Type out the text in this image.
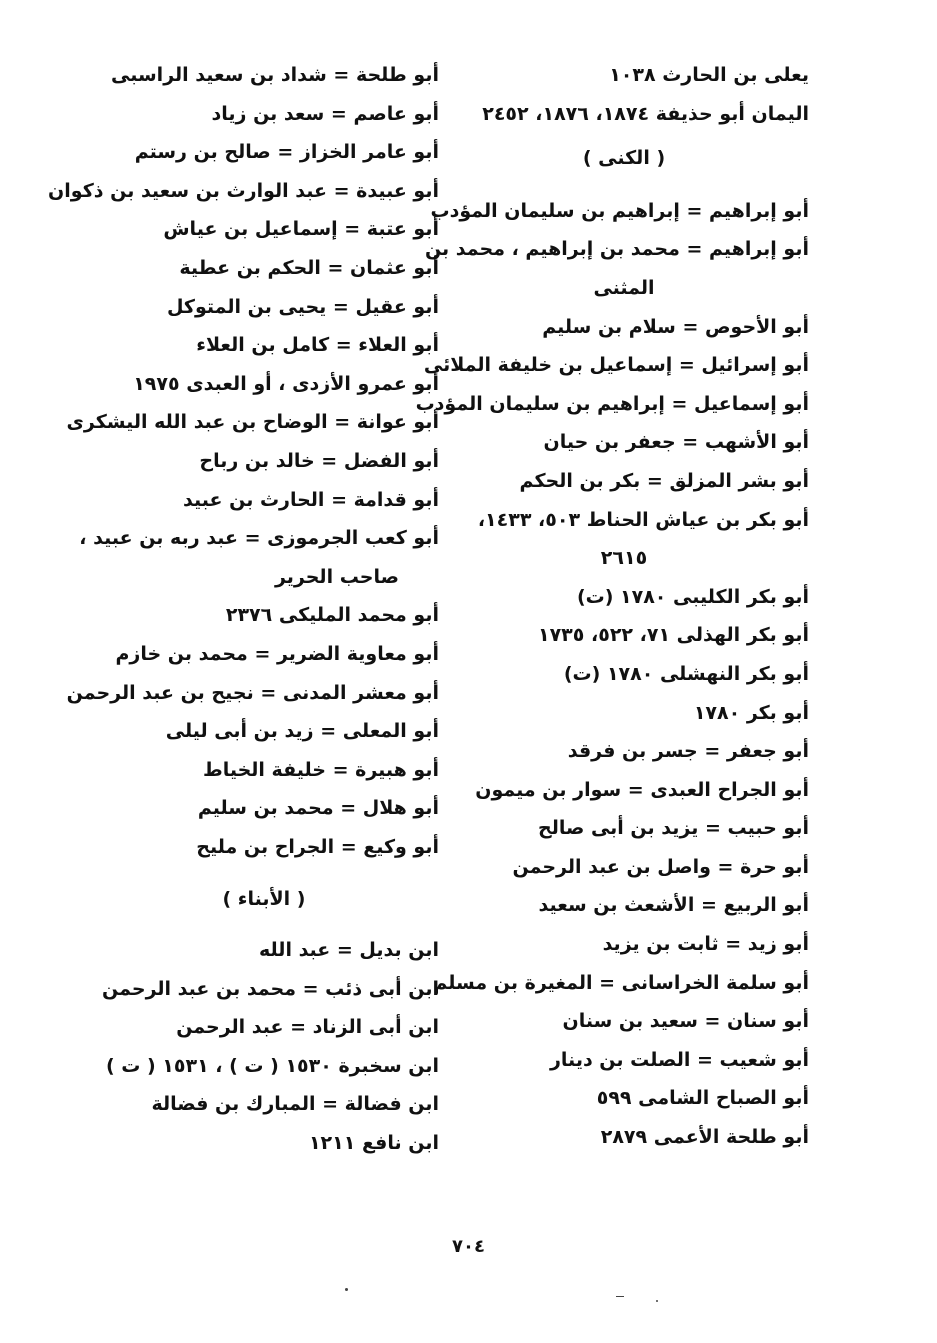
يعلى بن الحارث ١٠٣٨
اليمان أبو حذيفة ١٨٧٤، ١٨٧٦، ٢٤٥٢
( الكنى )
أبو إبراهيم = إبراهيم بن سليمان المؤدب
أبو إبراهيم = محمد بن إبراهيم ، محمد بن
المثنى
أبو الأحوص = سلام بن سليم
أبو إسرائيل = إسماعيل بن خليفة الملائى
أبو إسماعيل = إبراهيم بن سليمان المؤدب
أبو الأشهب = جعفر بن حيان
أبو بشر المزلق = بكر بن الحكم
أبو بكر بن عياش الحناط ٥٠٣، ١٤٣٣،
٢٦١٥
أبو بكر الكليبى ١٧٨٠ (ت)
أبو بكر الهذلى ٧١، ٥٢٢، ١٧٣٥
أبو بكر النهشلى ١٧٨٠ (ت)
أبو بكر ١٧٨٠
أبو جعفر = جسر بن فرقد
أبو الجراح العبدى = سوار بن ميمون
أبو حبيب = يزيد بن أبى صالح
أبو حرة = واصل بن عبد الرحمن
أبو الربيع = الأشعث بن سعيد
أبو زيد = ثابت بن يزيد
أبو سلمة الخراسانى = المغيرة بن مسلم
أبو سنان = سعيد بن سنان
أبو شعيب = الصلت بن دينار
أبو الصباح الشامى ٥٩٩
أبو طلحة الأعمى ٢٨٧٩
أبو طلحة = شداد بن سعيد الراسبى
أبو عاصم = سعد بن زياد
أبو عامر الخزاز = صالح بن رستم
أبو عبيدة = عبد الوارث بن سعيد بن ذكوان
أبو عتبة = إسماعيل بن عياش
أبو عثمان = الحكم بن عطية
أبو عقيل = يحيى بن المتوكل
أبو العلاء = كامل بن العلاء
أبو عمرو الأزدى ، أو العبدى ١٩٧٥
أبو عوانة = الوضاح بن عبد الله اليشكرى
أبو الفضل = خالد بن رباح
أبو قدامة = الحارث بن عبيد
أبو كعب الجرموزى = عبد ربه بن عبيد ،
صاحب الحرير
أبو محمد المليكى ٢٣٧٦
أبو معاوية الضرير = محمد بن خازم
أبو معشر المدنى = نجيح بن عبد الرحمن
أبو المعلى = زيد بن أبى ليلى
أبو هبيرة = خليفة الخياط
أبو هلال = محمد بن سليم
أبو وكيع = الجراح بن مليح
( الأبناء )
ابن بديل = عبد الله
ابن أبى ذئب = محمد بن عبد الرحمن
ابن أبى الزناد = عبد الرحمن
ابن سخبرة ١٥٣٠ ( ت ) ، ١٥٣١ ( ت )
ابن فضالة = المبارك بن فضالة
ابن نافع ١٢١١
٧٠٤
